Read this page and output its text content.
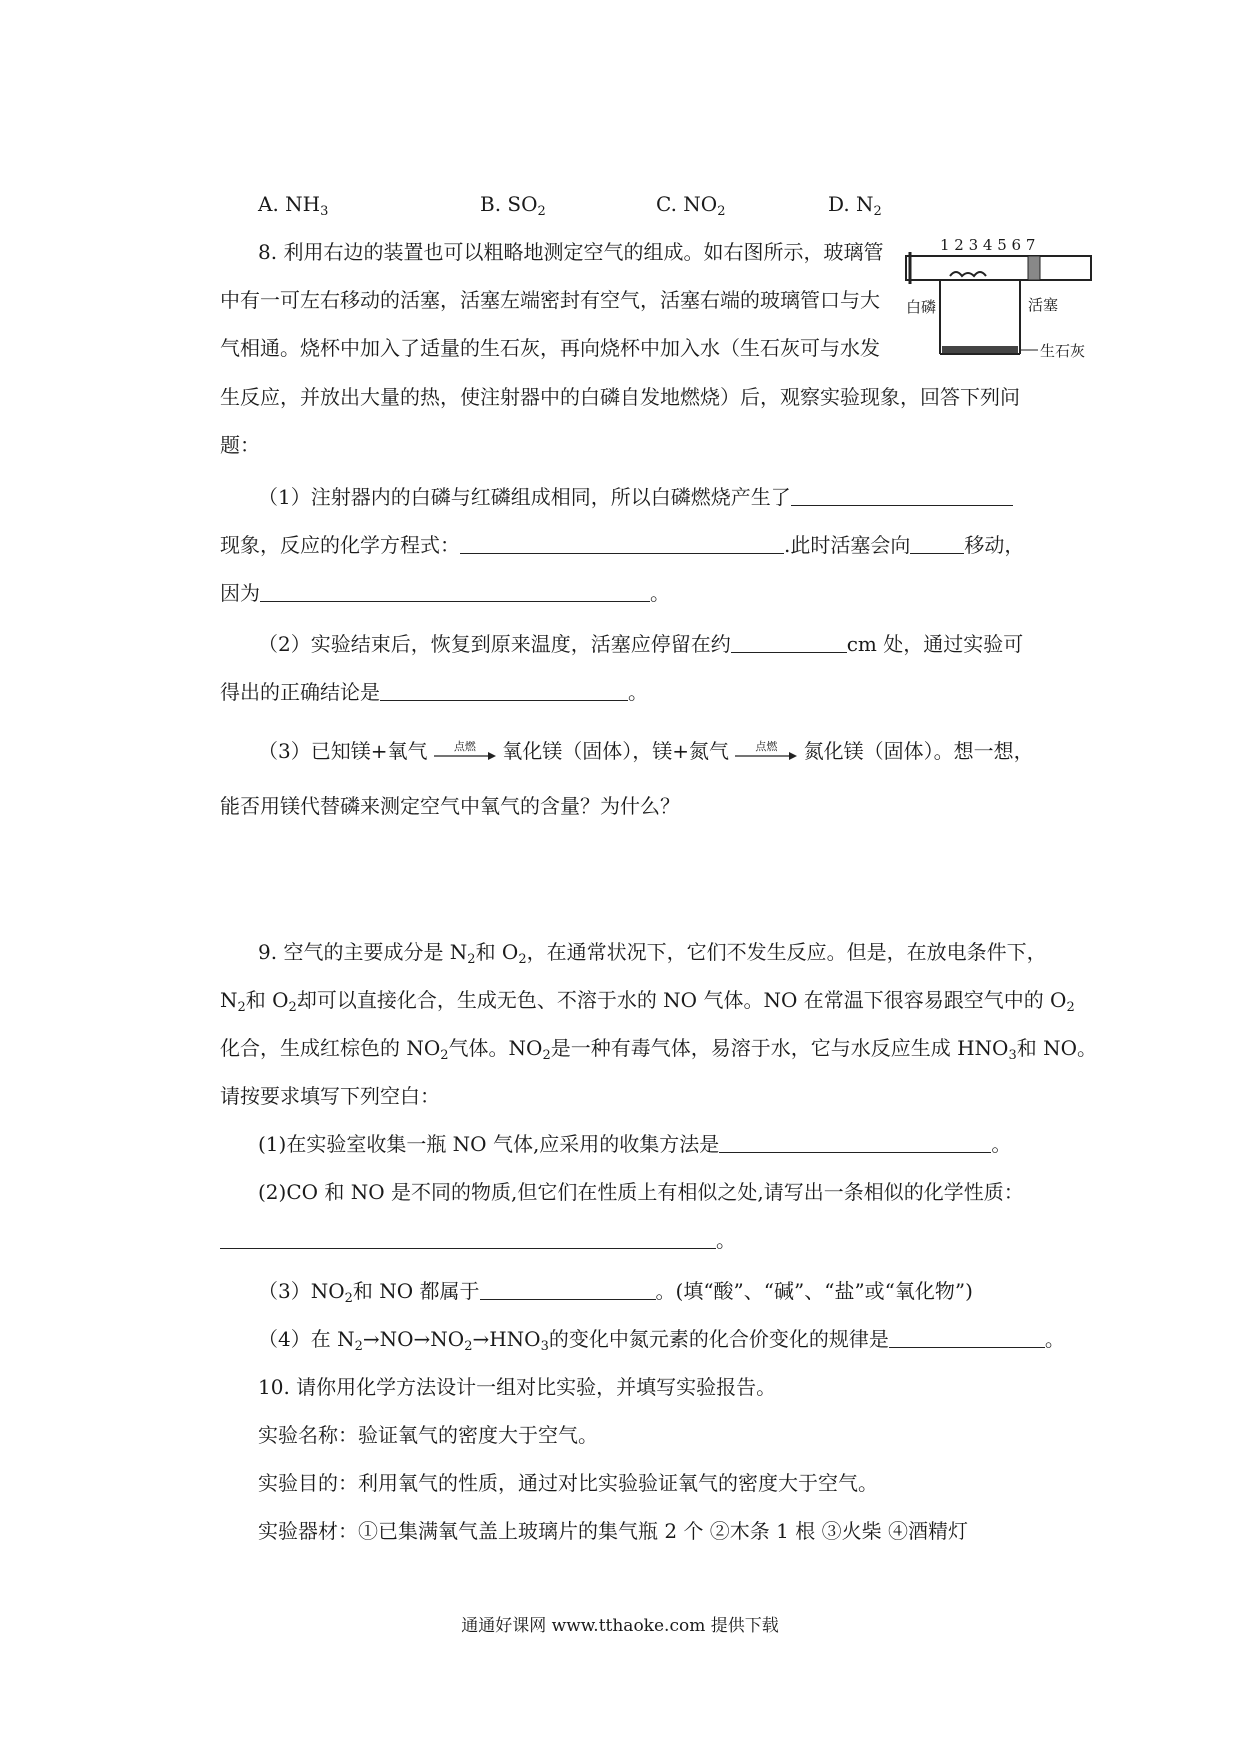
A. $NH_3$	B. $SO_2$	C. $NO_2$	D. $N_2$
8. 利用右边的装置也可以粗略地测定空气的组成。如右图所示，玻璃管
中有一可左右移动的活塞，活塞左端密封有空气，活塞右端的玻璃管口与大
气相通。烧杯中加入了适量的生石灰，再向烧杯中加入水（生石灰可与水发
生反应，并放出大量的热，使注射器中的白磷自发地燃烧）后，观察实验现象，回答下列问
题：
1 2 3 4 5 6 7
白磷	活塞
生石灰
（1）注射器内的白磷与红磷组成相同，所以白磷燃烧产生了
现象，反应的化学方程式：	.此时活塞会向	移动，
因为	。
（2）实验结束后，恢复到原来温度，活塞应停留在约	cm 处，通过实验可
得出的正确结论是	。
（3）已知镁+氧气	点燃	氧化镁（固体），镁+氮气	点燃	氮化镁（固体）。想一想，
能否用镁代替磷来测定空气中氧气的含量？为什么？
9. 空气的主要成分是 $N_2$和 $O_2$，在通常状况下，它们不发生反应。但是，在放电条件下，
$N_2$和 $O_2$却可以直接化合，生成无色、不溶于水的 NO 气体。NO 在常温下很容易跟空气中的 $O_2$
化合，生成红棕色的 $NO_2$气体。$NO_2$是一种有毒气体，易溶于水，它与水反应生成 $HNO_3$和 NO。
请按要求填写下列空白：
(1)在实验室收集一瓶 NO 气体,应采用的收集方法是	。
(2)CO 和 NO 是不同的物质,但它们在性质上有相似之处,请写出一条相似的化学性质：
。
$(3)NO_2$和 NO 都属于	。(填“酸”、“碱”、“盐”或“氧化物”)
（4）在 $N_2\to NO\to NO_2\to HNO_3$的变化中氮元素的化合价变化的规律是	。
10. 请你用化学方法设计一组对比实验，并填写实验报告。
实验名称：验证氧气的密度大于空气。
实验目的：利用氧气的性质，通过对比实验验证氧气的密度大于空气。
实验器材：①已集满氧气盖上玻璃片的集气瓶 2 个 ②木条 1 根 ③火柴 ④酒精灯
通通好课网 www.tthaoke.com 提供下载
